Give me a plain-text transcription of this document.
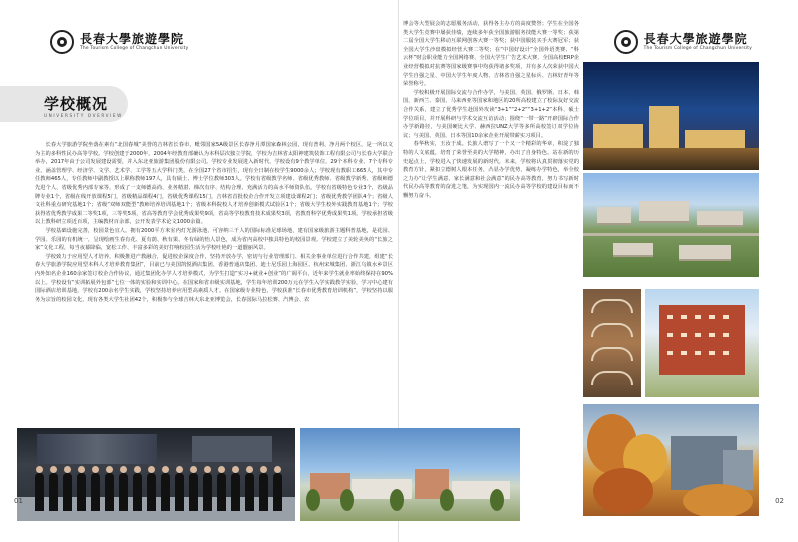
長春大學旅遊學院
The Tourism College of Changchun University
学校概况
UNIVERSITY OVERVIEW

长春大学旅游学院坐落在素有“北国春城”美誉的吉林省长春市，毗邻国家5A级景区长春净月潭国家森林公园，现有普利、净月两个校区，是一所以文为主的多科性民办高等学校。学校创建于2000年，2004年经教育部确认为本科层次独立学院，学校为吉林省太阳神建筑装饰工程有限公司与长春大学联合举办，2017年由于公司发展建设需要，并入东北亚旅游集团股份有限公司。学校专业发展进入新时代，学校设有9个教学单位，29个本科专业、7个专科专业，涵盖管理学、经济学、文学、艺术学、工学等五大学科门类，在全国27个省市招生，现有全日制在校学生9000余人；学校现有教职工665人，其中专任教师465人，专任教师中副教授以上职称教师197人，具有硕士、博士学位教师303人。学校有省级教学名师、省级优秀教师、省级教学新秀、省级师德先进个人、省级优秀内部专家等，形成了一支师德高尚、业务精湛、梯次有序、结构合理、充满活力的高水平师资队伍。学校有省级特色专业3个，省级品牌专业1个，省级在线开放课程5门，省级精品课程4门，省级优秀课程15门，吉林省首批校企合作开发立项建设课程2门；省级优秀教学团队4个；省级人文社科重点研究基地1个；省级“双师双能型”教师培养培训基地1个；省级本科院校人才培养创新模式试验区1个；省级大学生校外实践教育基地1个；学校获得省优秀教学成果二等奖1项，三等奖5项，省高等教育学会优秀成果奖9项，省高等学校教育技术成果奖3项，省教育科学优秀成果奖1项。学校承担省级以上教科研立项近百项，主编教材百余部，公开发表学术论文1000余篇。

学校基础设施完善，校园景色宜人。拥有2000平方米室内灯光游泳池、可容纳三千人的国际标准足球场地，建有国家级旅游主题科普基地，是花园、学园、乐园的有机统一，呈现绘画生春有花、夏有荫、秋有果、冬有绿的怡人景色，成为省内高校中独具特色的校园景观。学校建立了美轮美奂的“长旅之家”文化工程，每当夜幕降临，宽松工作、丰富多彩的美好打响校园生活为学校吐艳的一道靓丽风景。

学校致力于应用型人才培养，积极推进产教融合，促进校企深度合作，坚持开放办学，密切与行业管理部门、相关企事业单位进行合作共建，组建“长春大学旅游学院应用型本科人才培养教育集团”，目前已与美国凯悦酒店集团、香港普通店集团、迪士尼乐园上海园区、杭州宋城集团、浙江乌镇水乡景区内外知名企业160余家签订校企合作协议，通过集团化办学人才培养模式，为学生打造“实习+就业+创业”的广阔平台，近年来学生就业率始终保持在90%以上。学校设有“实训拓展外包部”七位一体的实验和实训中心。在国家和省市级实训基地，学生每年培训200万元在学生入学实践教学实验，学习中心建有国际酒店培训基地，学校有200余名学生实践，学校坚持培养应用型高素质人才。在国家级专业特色，学校获准“长春市优秀教育培训机构”，学校坚持以服务为宗旨的校园文化，现有各类大学生社团42个，积极参与全球吉林大东北亚博览会，长春国际马拉松赛、汽博会、农

01
長春大學旅遊學院
The Tourism College of Changchun University

博会等大型展会的志愿服务活动，获得各主办方的高度赞誉；学生在全国各类大学生竞赛中屡获佳绩，连续多年获全国旅游服务技能大赛一等奖；获第二届全国大学生移动互联网创客大赛一等奖；获中国服装买手大赛冠军；获全国大学生沙盘模拟经营大赛二等奖；在“中国好设计”全国外语类赛、“科云杯”财会职业能力全国网络赛、全国大学生广告艺术大赛、全国高校ERP企业经营模拟对抗赛等国家级赛事中均获得诸多奖项，并有多人次荣获中国大学生自强之星、中国大学生年度人物、吉林省自强之星标兵、吉林好青年等荣誉称号。

学校积极开展国际交流与合作办学，与美国、英国、俄罗斯、日本、韩国、新西兰、泰国、马来西亚等国家和地区的20所高校建立了校际友好交流合作关系，建立了优秀学生赴国外攻读“3+1”“2+2”“3+1+2”本科、硕士学位项目，并开展科研与学术交流互访活动；围绕“一带一路”开辟国际合作办学新路径，与美国硬比大学、赫西拉UNZ大学等多所高校签订双学位协议；与美国、英国、日本等国10余家企业开展带薪实习项目。

春华秋实，玉汝于成。长旅人谱写了一个又一个精彩的华章，积淀了独特的人文底蕴，培育了荣誉至美的大学精神，办出了自身特色。站在新的历史起点上，学校进入了快速发展的新时代，未来，学校将认真贯彻落实党的教育方针，紧扣立德树人根本任务，凸显办学优势，凝练办学特色，举全校之力办“让学生满意、家长满意和社会满意”的民办高等教育，努力书写新时代民办高等教育的奋进之笔，为实现国内一流民办高等学校的建设目标而不懈努力奋斗。

02
